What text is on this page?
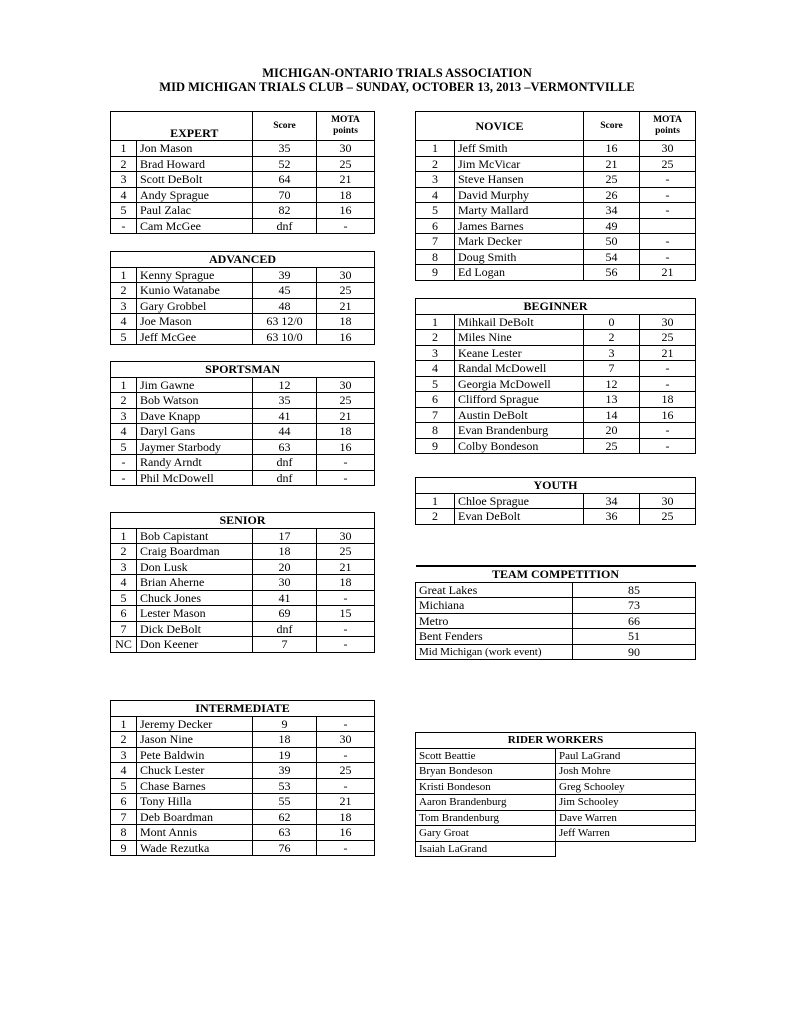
MICHIGAN-ONTARIO TRIALS ASSOCIATION
MID MICHIGAN TRIALS CLUB – SUNDAY, OCTOBER 13, 2013 –VERMONTVILLE
	EXPERT	Score	MOTA
points
1	Jon Mason	35	30
2	Brad Howard	52	25
3	Scott DeBolt	64	21
4	Andy Sprague	70	18
5	Paul Zalac	82	16
-	Cam McGee	dnf	-
ADVANCED			
1	Kenny Sprague	39	30
2	Kunio Watanabe	45	25
3	Gary Grobbel	48	21
4	Joe Mason	63 12/0	18
5	Jeff McGee	63 10/0	16
SPORTSMAN			
1	Jim Gawne	12	30
2	Bob Watson	35	25
3	Dave Knapp	41	21
4	Daryl Gans	44	18
5	Jaymer Starbody	63	16
-	Randy Arndt	dnf	-
-	Phil McDowell	dnf	-
SENIOR			
1	Bob Capistant	17	30
2	Craig Boardman	18	25
3	Don Lusk	20	21
4	Brian Aherne	30	18
5	Chuck Jones	41	-
6	Lester Mason	69	15
7	Dick DeBolt	dnf	-
NC	Don Keener	7	-
INTERMEDIATE			
1	Jeremy Decker	9	-
2	Jason Nine	18	30
3	Pete Baldwin	19	-
4	Chuck Lester	39	25
5	Chase Barnes	53	-
6	Tony Hilla	55	21
7	Deb Boardman	62	18
8	Mont Annis	63	16
9	Wade Rezutka	76	-
NOVICE		Score	MOTA
points
1	Jeff Smith	16	30
2	Jim McVicar	21	25
3	Steve Hansen	25	-
4	David Murphy	26	-
5	Marty Mallard	34	-
6	James Barnes	49	
7	Mark Decker	50	-
8	Doug Smith	54	-
9	Ed Logan	56	21
BEGINNER			
1	Mihkail DeBolt	0	30
2	Miles Nine	2	25
3	Keane Lester	3	21
4	Randal McDowell	7	-
5	Georgia McDowell	12	-
6	Clifford Sprague	13	18
7	Austin DeBolt	14	16
8	Evan Brandenburg	20	-
9	Colby Bondeson	25	-
YOUTH			
1	Chloe Sprague	34	30
2	Evan DeBolt	36	25
TEAM COMPETITION	
Great Lakes	85
Michiana	73
Metro	66
Bent Fenders	51
Mid Michigan (work event)	90
RIDER WORKERS	
Scott Beattie	Paul LaGrand
Bryan Bondeson	Josh Mohre
Kristi Bondeson	Greg Schooley
Aaron Brandenburg	Jim Schooley
Tom Brandenburg	Dave Warren
Gary Groat	Jeff Warren
Isaiah LaGrand	
